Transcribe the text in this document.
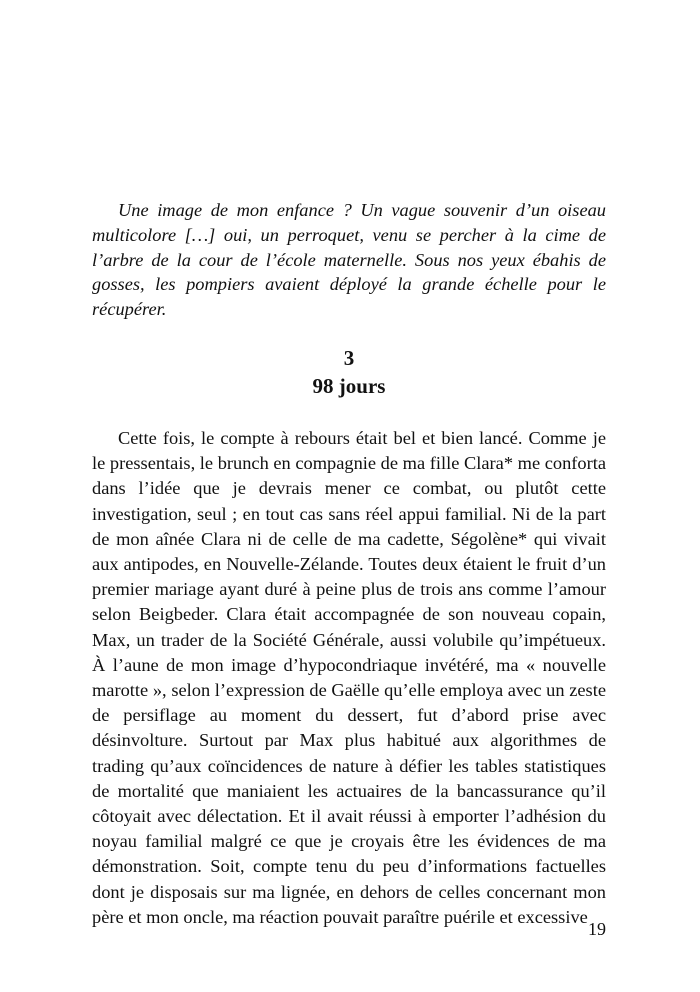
Une image de mon enfance ? Un vague souvenir d’un oiseau multicolore […] oui, un perroquet, venu se percher à la cime de l’arbre de la cour de l’école maternelle. Sous nos yeux ébahis de gosses, les pompiers avaient déployé la grande échelle pour le récupérer.

3
98 jours

Cette fois, le compte à rebours était bel et bien lancé. Comme je le pressentais, le brunch en compagnie de ma fille Clara* me conforta dans l’idée que je devrais mener ce combat, ou plutôt cette investigation, seul ; en tout cas sans réel appui familial. Ni de la part de mon aînée Clara ni de celle de ma cadette, Ségolène* qui vivait aux antipodes, en Nouvelle-Zélande. Toutes deux étaient le fruit d’un premier mariage ayant duré à peine plus de trois ans comme l’amour selon Beigbeder. Clara était accompagnée de son nouveau copain, Max, un trader de la Société Générale, aussi volubile qu’impétueux. À l’aune de mon image d’hypocondriaque invétéré, ma « nouvelle marotte », selon l’expression de Gaëlle qu’elle employa avec un zeste de persiflage au moment du dessert, fut d’abord prise avec désinvolture. Surtout par Max plus habitué aux algorithmes de trading qu’aux coïncidences de nature à défier les tables statistiques de mortalité que maniaient les actuaires de la bancassurance qu’il côtoyait avec délectation. Et il avait réussi à emporter l’adhésion du noyau familial malgré ce que je croyais être les évidences de ma démonstration. Soit, compte tenu du peu d’informations factuelles dont je disposais sur ma lignée, en dehors de celles concernant mon père et mon oncle, ma réaction pouvait paraître puérile et excessive

19
